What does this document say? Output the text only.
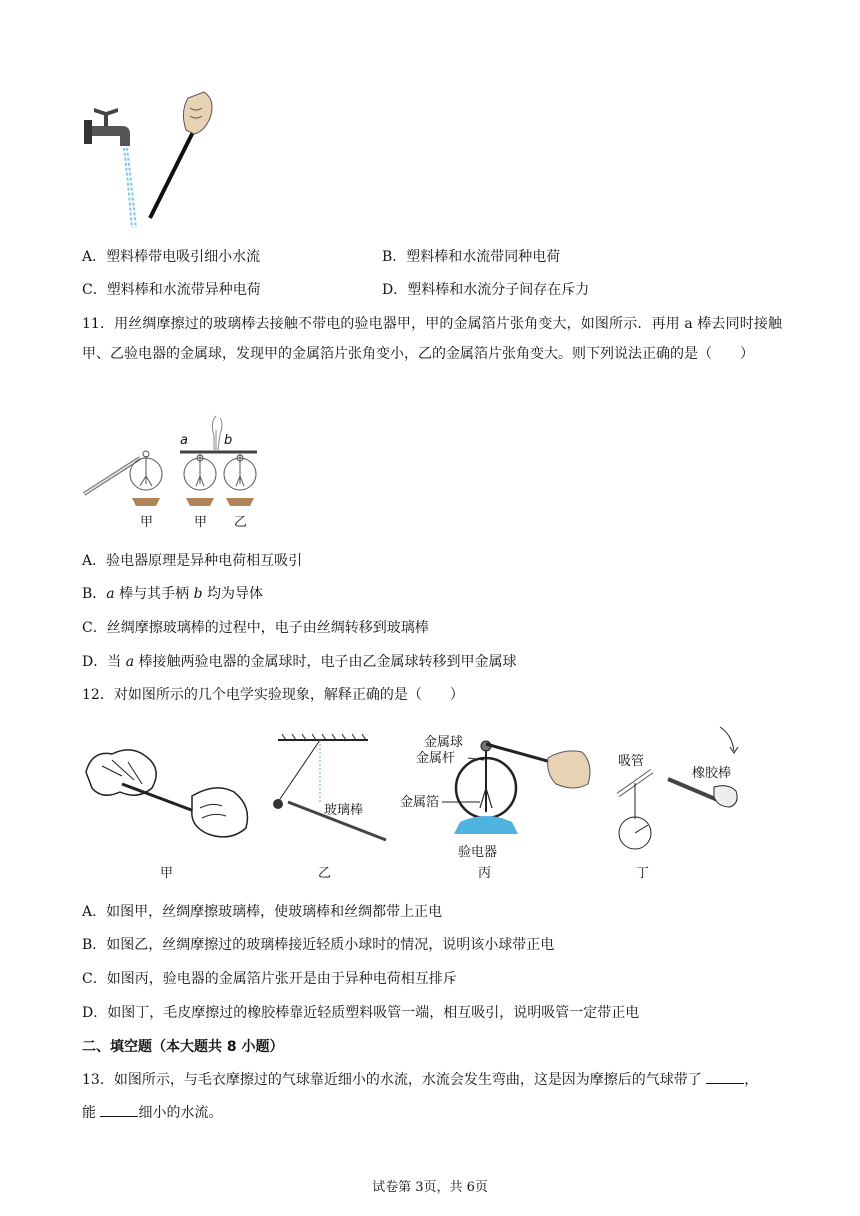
A．塑料棒带电吸引细小水流	B．塑料棒和水流带同种电荷
C．塑料棒和水流带异种电荷	D．塑料棒和水流分子间存在斥力
11．用丝绸摩擦过的玻璃棒去接触不带电的验电器甲，甲的金属箔片张角变大，如图所示．再用 a 棒去同时接触甲、乙验电器的金属球，发现甲的金属箔片张角变小，乙的金属箔片张角变大。则下列说法正确的是（　　）
a	b
甲	甲 乙
A．验电器原理是异种电荷相互吸引
B．a 棒与其手柄 b 均为导体
C．丝绸摩擦玻璃棒的过程中，电子由丝绸转移到玻璃棒
D．当 a 棒接触两验电器的金属球时，电子由乙金属球转移到甲金属球
12．对如图所示的几个电学实验现象，解释正确的是（　　）
甲
玻璃棒
乙
金属球
金属杆
金属箔
验电器
丙
吸管
橡胶棒
丁
A．如图甲，丝绸摩擦玻璃棒，使玻璃棒和丝绸都带上正电
B．如图乙，丝绸摩擦过的玻璃棒接近轻质小球时的情况，说明该小球带正电
C．如图丙，验电器的金属箔片张开是由于异种电荷相互排斥
D．如图丁，毛皮摩擦过的橡胶棒靠近轻质塑料吸管一端，相互吸引，说明吸管一定带正电
二、填空题（本大题共 8 小题）
13．如图所示，与毛衣摩擦过的气球靠近细小的水流，水流会发生弯曲，这是因为摩擦后的气球带了	，
能	细小的水流。
试卷第 3页，共 6页
